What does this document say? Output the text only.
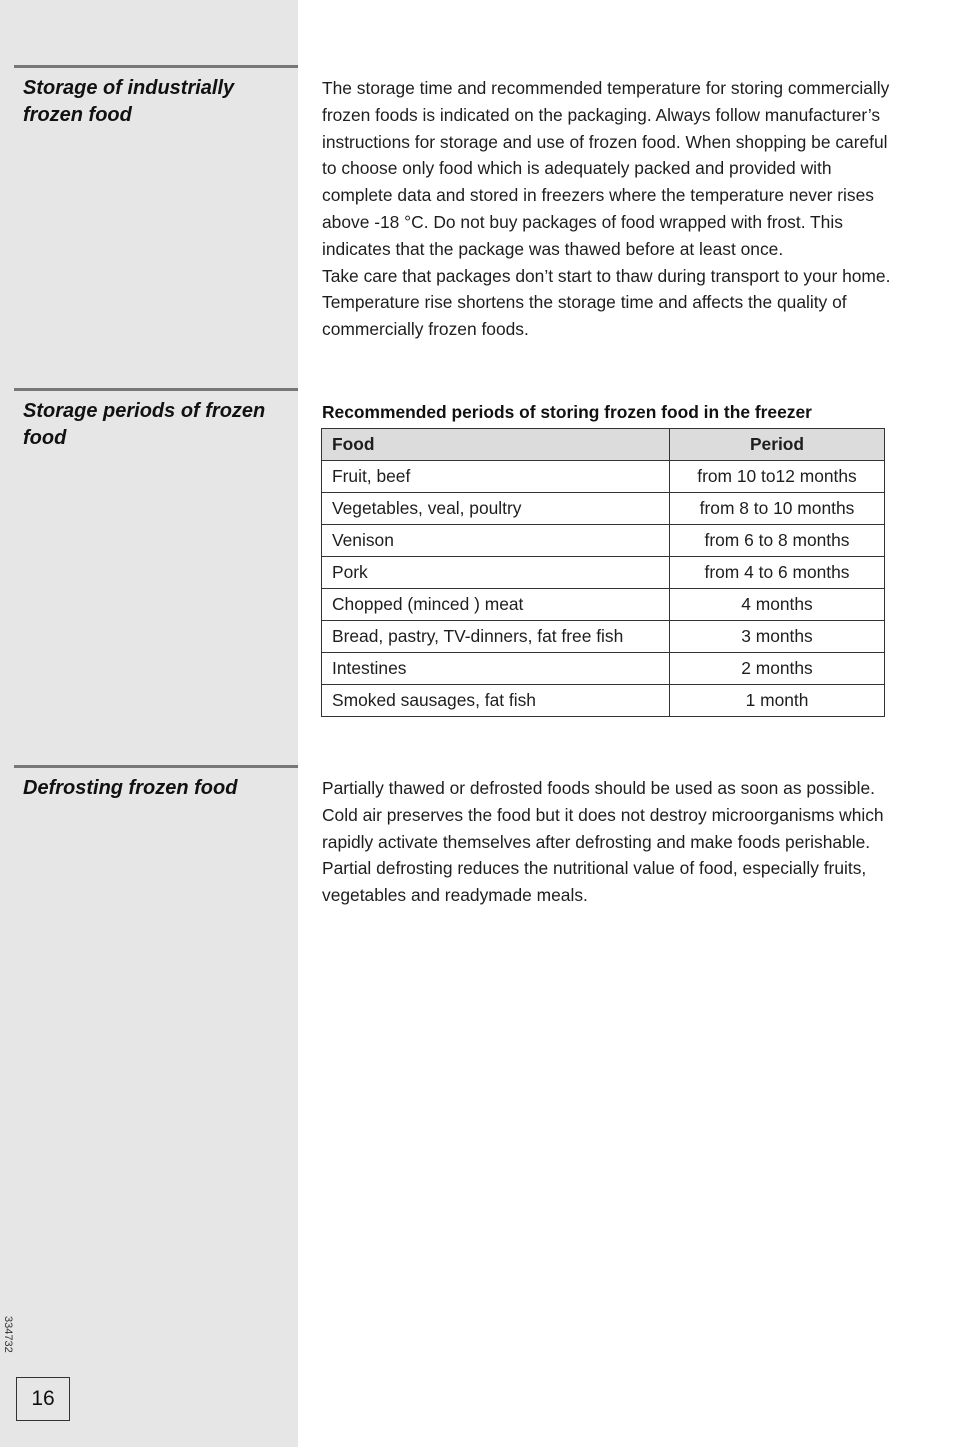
Storage of industrially frozen food

The storage time and recommended temperature for storing commercially frozen foods is indicated on the packaging. Always follow manufacturer’s instructions for storage and use of frozen food. When shopping be careful to choose only food which is adequately packed and provided with complete data and stored in freezers where the temperature never rises above -18 °C. Do not buy packages of food wrapped with frost. This indicates that the package was thawed before at least once.

Take care that packages don’t start to thaw during transport to your home. Temperature rise shortens the storage time and affects the quality of commercially frozen foods.

Storage periods of frozen food
Recommended periods of storing frozen food in the freezer
Food	Period
Fruit, beef	from 10 to12 months
Vegetables, veal, poultry	from 8 to 10 months
Venison	from 6 to 8 months
Pork	from 4 to 6 months
Chopped (minced ) meat	4 months
Bread, pastry, TV-dinners, fat free fish	3 months
Intestines	2 months
Smoked sausages, fat fish	1 month
Defrosting frozen food	Partially thawed or defrosted foods should be used as soon as possible. Cold air preserves the food but it does not destroy microorganisms which rapidly activate themselves after defrosting and make foods perishable.

Partial defrosting reduces the nutritional value of food, especially fruits, vegetables and readymade meals.

334732
16
